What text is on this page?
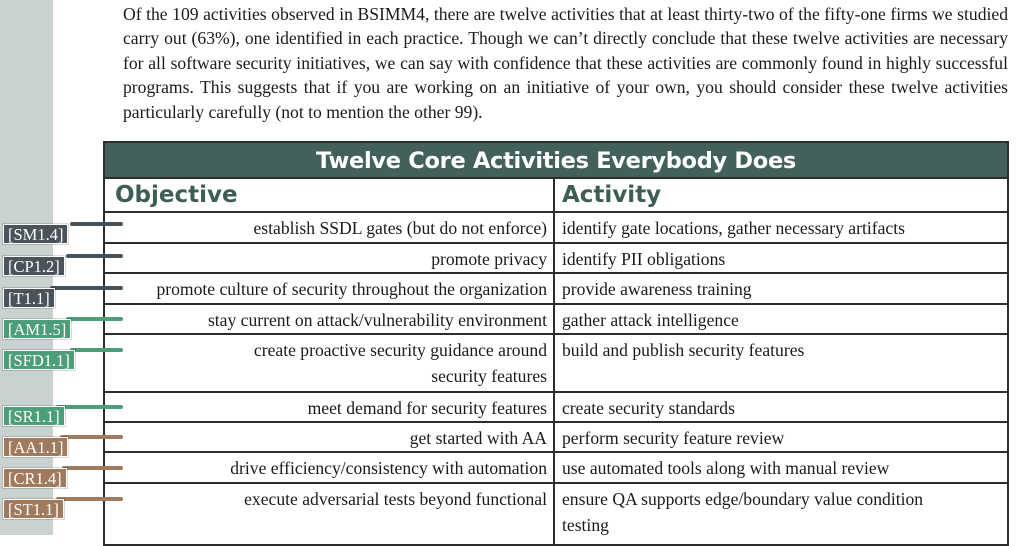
Of the 109 activities observed in BSIMM4, there are twelve activities that at least thirty-two of the fifty-one firms we studied carry out (63%), one identified in each practice. Though we can’t directly conclude that these twelve activities are necessary for all software security initiatives, we can say with confidence that these activities are commonly found in highly successful programs. This suggests that if you are working on an initiative of your own, you should consider these twelve activities particularly carefully (not to mention the other 99).

Twelve Core Activities Everybody Does
Objective	Activity
establish SSDL gates (but do not enforce) identify gate locations, gather necessary artifacts
promote privacy identify PII obligations
promote culture of security throughout the organization provide awareness training
stay current on attack/vulnerability environment gather attack intelligence
create proactive security guidance around security features
build and publish security features
meet demand for security features create security standards
get started with AA perform security feature review
drive efficiency/consistency with automation use automated tools along with manual review
execute adversarial tests beyond functional ensure QA supports edge/boundary value condition testing
[SM1.4]
[CP1.2]
[T1.1]
[AM1.5]
[SFD1.1]
[SR1.1]
[AA1.1]
[CR1.4]
[ST1.1]
